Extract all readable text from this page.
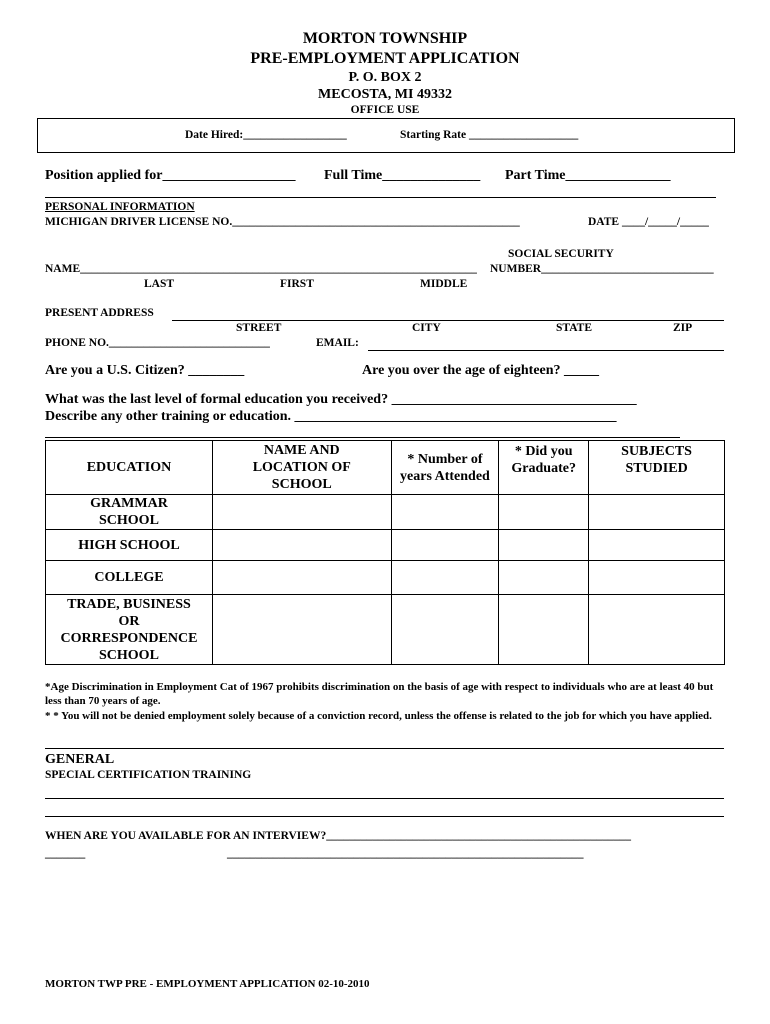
MORTON TOWNSHIP
PRE-EMPLOYMENT APPLICATION
P. O. BOX 2
MECOSTA, MI 49332
OFFICE USE
Date Hired:__________________	Starting Rate ___________________
Position applied for___________________ Full Time______________ Part Time_______________
PERSONAL INFORMATION
MICHIGAN DRIVER LICENSE NO.__________________________________________________	DATE ____/_____/_____
SOCIAL SECURITY
NAME_____________________________________________________________________ NUMBER______________________________
LAST	FIRST	MIDDLE
PRESENT ADDRESS
STREET	CITY	STATE	ZIP
PHONE NO.____________________________	EMAIL:
Are you a U.S. Citizen? ________	Are you over the age of eighteen? _____
What was the last level of formal education you received? ___________________________________
Describe any other training or education. ______________________________________________
EDUCATION	NAME AND LOCATION OF SCHOOL	* Number of years Attended	* Did you Graduate?	SUBJECTS STUDIED
GRAMMAR SCHOOL				
HIGH SCHOOL				
COLLEGE				
TRADE, BUSINESS OR CORRESPONDENCE SCHOOL				
*Age Discrimination in Employment Cat of 1967 prohibits discrimination on the basis of age with respect to individuals who are at least 40 but less than 70 years of age.
* * You will not be denied employment solely because of a conviction record, unless the offense is related to the job for which you have applied.
GENERAL
SPECIAL CERTIFICATION TRAINING
WHEN ARE YOU AVAILABLE FOR AN INTERVIEW?_____________________________________________________
_______	______________________________________________________________
MORTON TWP PRE - EMPLOYMENT APPLICATION 02-10-2010
